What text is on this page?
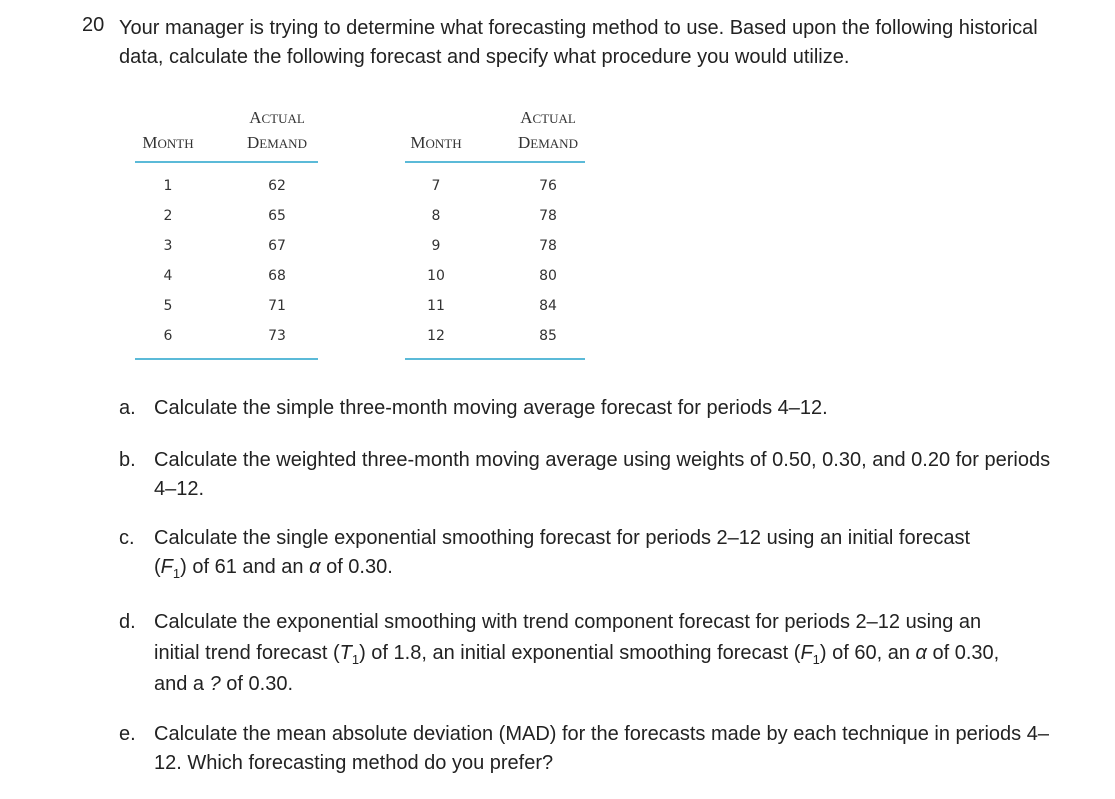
20 Your manager is trying to determine what forecasting method to use. Based upon the following historical data, calculate the following forecast and specify what procedure you would utilize.
MONTH
ACTUAL
DEMAND
1	62
2	65
3	67
4	68
5	71
6	73
MONTH
ACTUAL
DEMAND
7	76
8	78
9	78
10	80
11	84
12	85
a. Calculate the simple three-month moving average forecast for periods 4–12.
b. Calculate the weighted three-month moving average using weights of 0.50, 0.30, and 0.20 for periods 4–12.
c. Calculate the single exponential smoothing forecast for periods 2–12 using an initial forecast
$(F_1)$ of 61 and an α of 0.30.
d. Calculate the exponential smoothing with trend component forecast for periods 2–12 using an
initial trend forecast $(T_1)$ of 1.8, an initial exponential smoothing forecast $(F_1)$ of 60, an α of 0.30,
and a ? of 0.30.
e. Calculate the mean absolute deviation (MAD) for the forecasts made by each technique in periods 4–12. Which forecasting method do you prefer?
